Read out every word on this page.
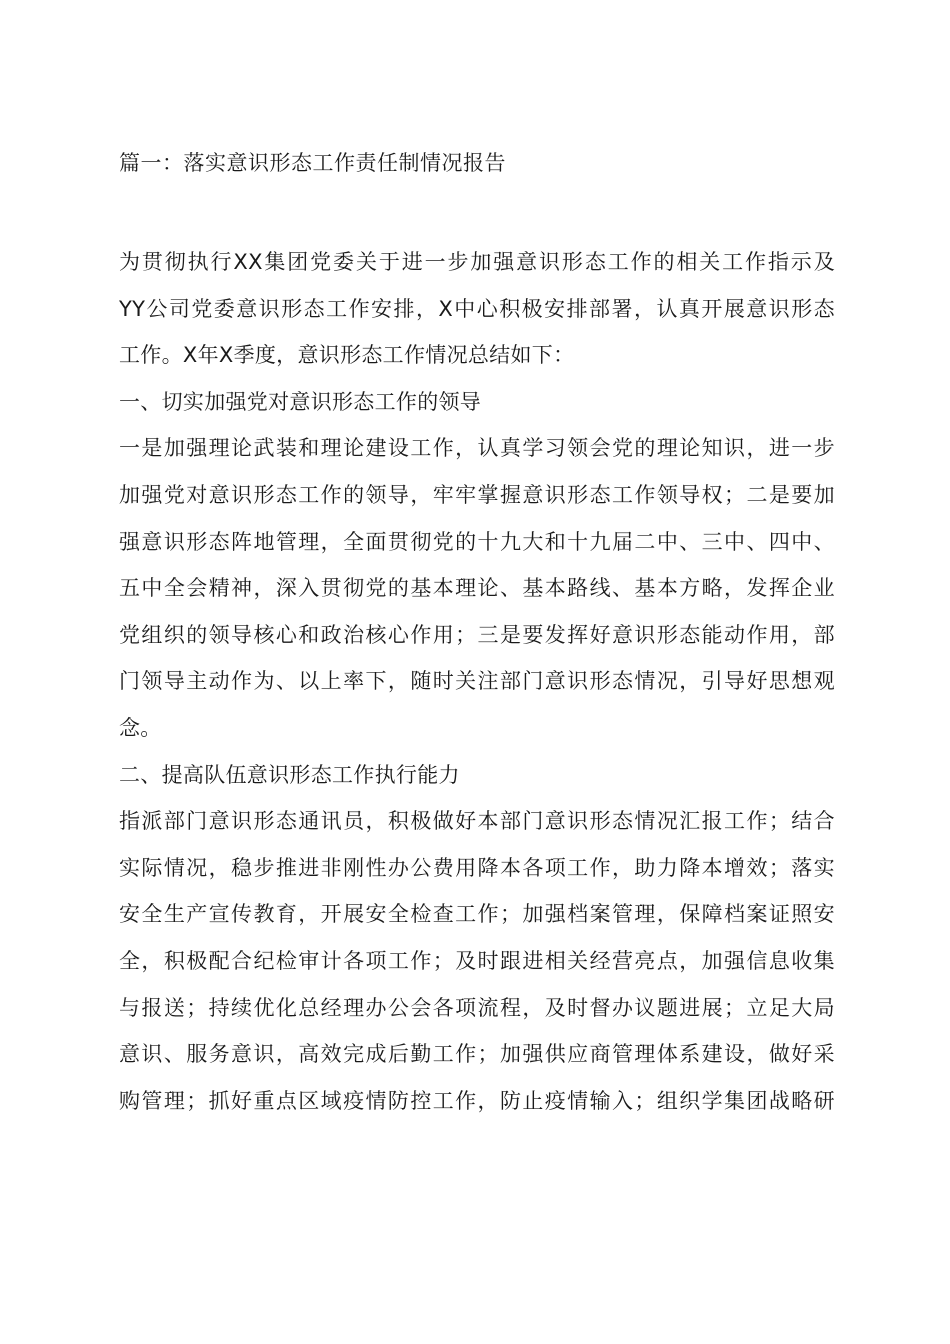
篇一：落实意识形态工作责任制情况报告
为贯彻执行XX集团党委关于进一步加强意识形态工作的相关工作指示及
YY公司党委意识形态工作安排，X中心积极安排部署，认真开展意识形态
工作。X年X季度，意识形态工作情况总结如下：
一、切实加强党对意识形态工作的领导
一是加强理论武装和理论建设工作，认真学习领会党的理论知识，进一步
加强党对意识形态工作的领导，牢牢掌握意识形态工作领导权；二是要加
强意识形态阵地管理，全面贯彻党的十九大和十九届二中、三中、四中、
五中全会精神，深入贯彻党的基本理论、基本路线、基本方略，发挥企业
党组织的领导核心和政治核心作用；三是要发挥好意识形态能动作用，部
门领导主动作为、以上率下，随时关注部门意识形态情况，引导好思想观
念。
二、提高队伍意识形态工作执行能力
指派部门意识形态通讯员，积极做好本部门意识形态情况汇报工作；结合
实际情况，稳步推进非刚性办公费用降本各项工作，助力降本增效；落实
安全生产宣传教育，开展安全检查工作；加强档案管理，保障档案证照安
全，积极配合纪检审计各项工作；及时跟进相关经营亮点，加强信息收集
与报送；持续优化总经理办公会各项流程，及时督办议题进展；立足大局
意识、服务意识，高效完成后勤工作；加强供应商管理体系建设，做好采
购管理；抓好重点区域疫情防控工作，防止疫情输入；组织学集团战略研
